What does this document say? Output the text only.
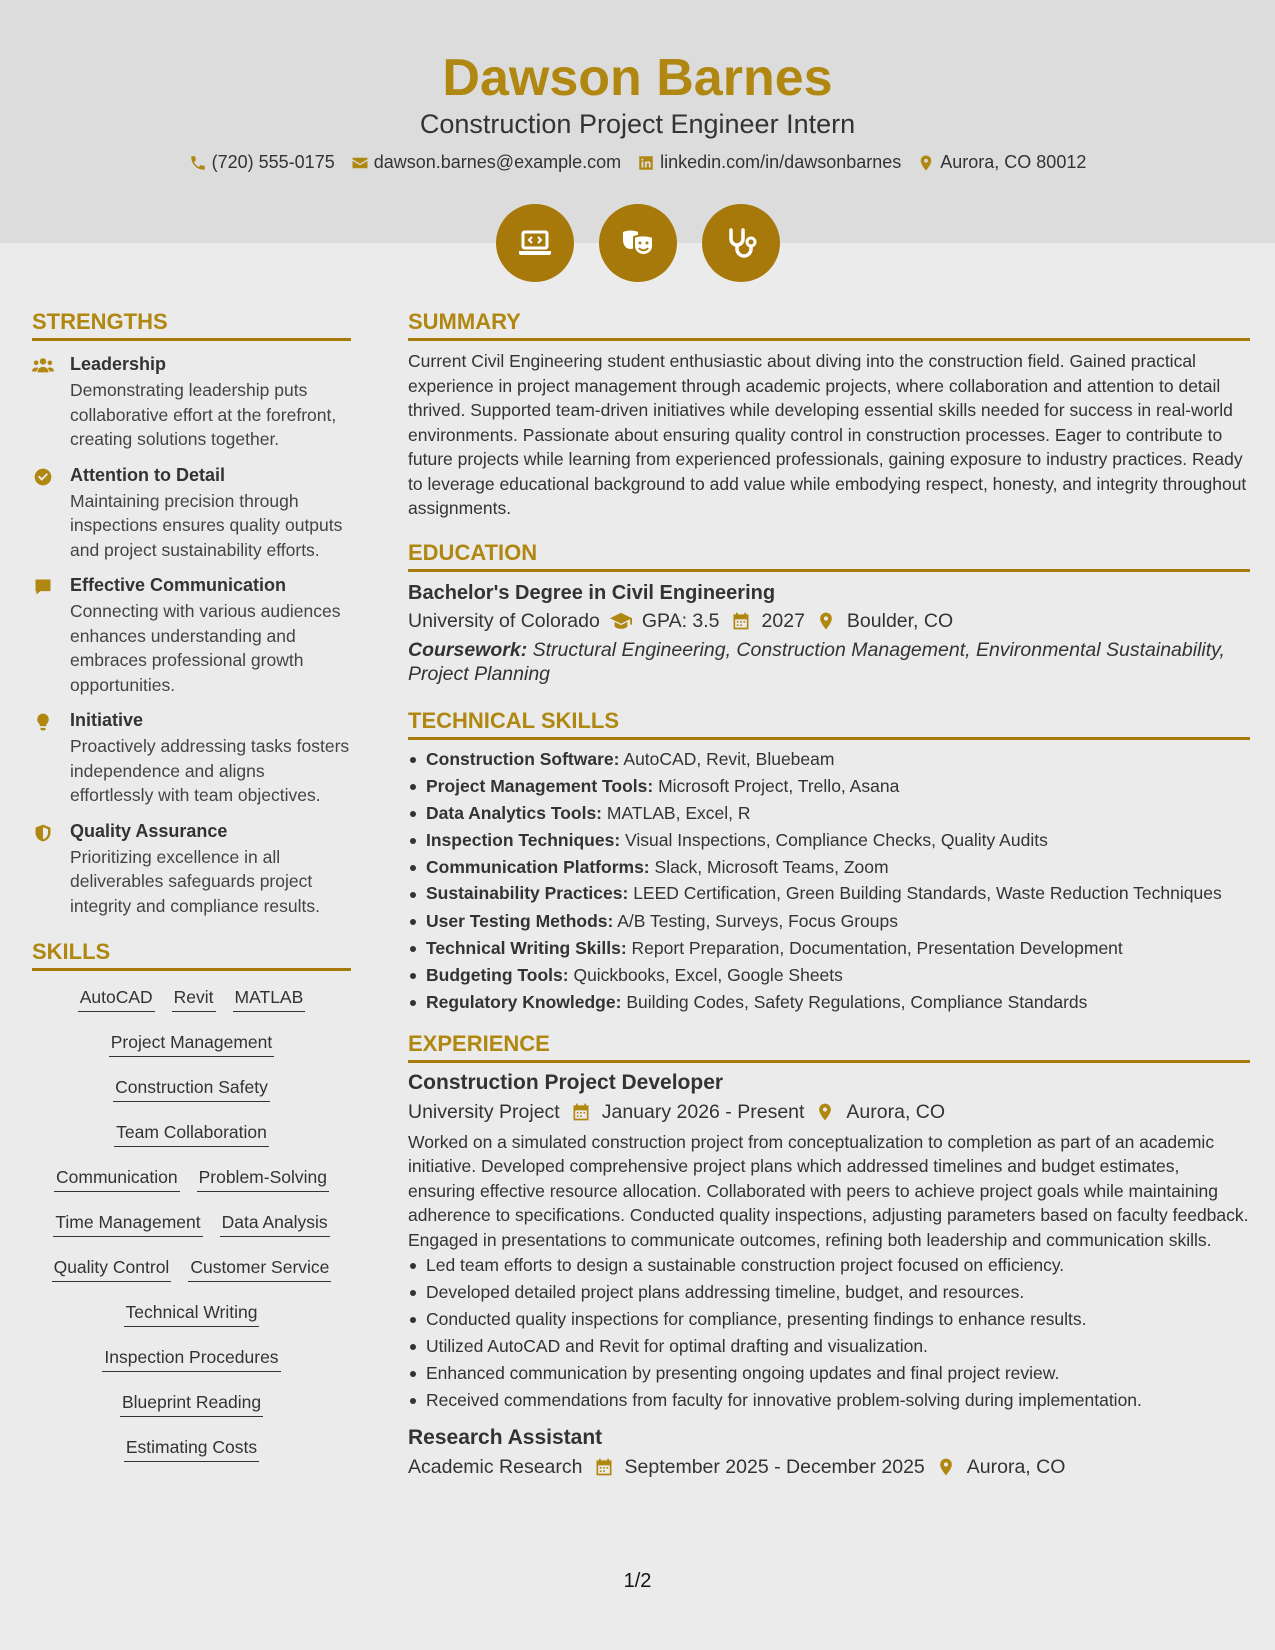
Dawson Barnes
Construction Project Engineer Intern
(720) 555-0175 dawson.barnes@example.com linkedin.com/in/dawsonbarnes Aurora, CO 80012
STRENGTHS
Leadership
Demonstrating leadership puts collaborative effort at the forefront, creating solutions together.
Attention to Detail
Maintaining precision through inspections ensures quality outputs and project sustainability efforts.
Effective Communication
Connecting with various audiences enhances understanding and embraces professional growth opportunities.
Initiative
Proactively addressing tasks fosters independence and aligns effortlessly with team objectives.
Quality Assurance
Prioritizing excellence in all deliverables safeguards project integrity and compliance results.
SKILLS
AutoCAD Revit MATLAB
Project Management
Construction Safety
Team Collaboration
Communication Problem-Solving
Time Management Data Analysis
Quality Control Customer Service
Technical Writing
Inspection Procedures
Blueprint Reading
Estimating Costs
SUMMARY
Current Civil Engineering student enthusiastic about diving into the construction field. Gained practical experience in project management through academic projects, where collaboration and attention to detail thrived. Supported team-driven initiatives while developing essential skills needed for success in real-world environments. Passionate about ensuring quality control in construction processes. Eager to contribute to future projects while learning from experienced professionals, gaining exposure to industry practices. Ready to leverage educational background to add value while embodying respect, honesty, and integrity throughout assignments.
EDUCATION
Bachelor's Degree in Civil Engineering
University of Colorado GPA: 3.5 2027 Boulder, CO
Coursework: Structural Engineering, Construction Management, Environmental Sustainability, Project Planning
TECHNICAL SKILLS
Construction Software: AutoCAD, Revit, Bluebeam
Project Management Tools: Microsoft Project, Trello, Asana
Data Analytics Tools: MATLAB, Excel, R
Inspection Techniques: Visual Inspections, Compliance Checks, Quality Audits
Communication Platforms: Slack, Microsoft Teams, Zoom
Sustainability Practices: LEED Certification, Green Building Standards, Waste Reduction Techniques
User Testing Methods: A/B Testing, Surveys, Focus Groups
Technical Writing Skills: Report Preparation, Documentation, Presentation Development
Budgeting Tools: Quickbooks, Excel, Google Sheets
Regulatory Knowledge: Building Codes, Safety Regulations, Compliance Standards
EXPERIENCE
Construction Project Developer
University Project January 2026 - Present Aurora, CO
Worked on a simulated construction project from conceptualization to completion as part of an academic initiative. Developed comprehensive project plans which addressed timelines and budget estimates, ensuring effective resource allocation. Collaborated with peers to achieve project goals while maintaining adherence to specifications. Conducted quality inspections, adjusting parameters based on faculty feedback. Engaged in presentations to communicate outcomes, refining both leadership and communication skills.
Led team efforts to design a sustainable construction project focused on efficiency.
Developed detailed project plans addressing timeline, budget, and resources.
Conducted quality inspections for compliance, presenting findings to enhance results.
Utilized AutoCAD and Revit for optimal drafting and visualization.
Enhanced communication by presenting ongoing updates and final project review.
Received commendations from faculty for innovative problem-solving during implementation.
Research Assistant
Academic Research September 2025 - December 2025 Aurora, CO
1/2
